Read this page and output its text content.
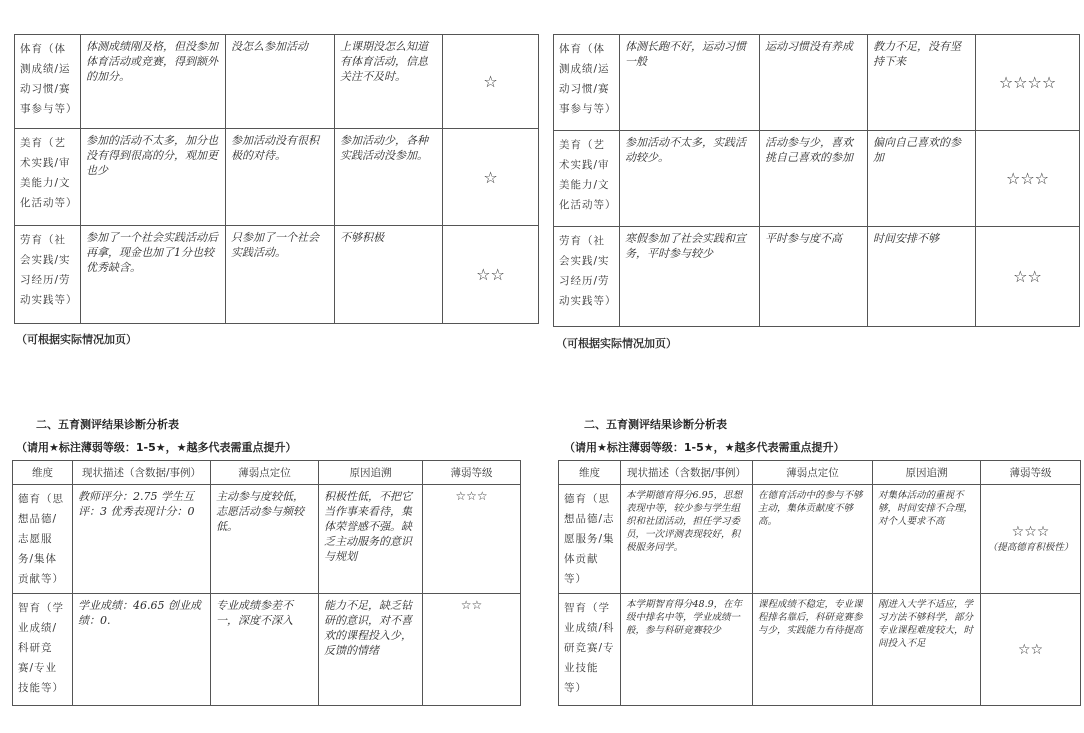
体育（体测成绩/运动习惯/赛事参与等）	体测成绩刚及格，但没参加体育活动或竞赛，得到额外的加分。	没怎么参加活动	上课期没怎么知道有体育活动，信息关注不及时。	☆
美育（艺术实践/审美能力/文化活动等）	参加的活动不太多，加分也没有得到很高的分，观加更也少	参加活动没有很积极的对待。	参加活动少，各种实践活动没参加。	☆
劳育（社会实践/实习经历/劳动实践等）	参加了一个社会实践活动后再拿，现金也加了1分也较优秀缺含。	只参加了一个社会实践活动。	不够积极	☆☆
（可根据实际情况加页）
体育（体测成绩/运动习惯/赛事参与等）	体测长跑不好，运动习惯一般	运动习惯没有养成	教力不足，没有坚持下来	☆☆☆☆
美育（艺术实践/审美能力/文化活动等）	参加活动不太多，实践活动较少。	活动参与少，喜欢挑自己喜欢的参加	偏向自己喜欢的参加	☆☆☆
劳育（社会实践/实习经历/劳动实践等）	寒假参加了社会实践和宣务，平时参与较少	平时参与度不高	时间安排不够	☆☆
（可根据实际情况加页）
二、五育测评结果诊断分析表
（请用★标注薄弱等级：1-5★，★越多代表需重点提升）
维度	现状描述（含数据/事例）	薄弱点定位	原因追溯	薄弱等级
德育（思想品德/志愿服务/集体贡献等）	教师评分：2.75 学生互评：3 优秀表现计分：0	主动参与度较低，志愿活动参与频较低。	积极性低，不把它当作事来看待，集体荣誉感不强。缺乏主动服务的意识与规划	☆☆☆
智育（学业成绩/科研竞赛/专业技能等）	学业成绩：46.65 创业成绩：0.	专业成绩参差不一，深度不深入	能力不足，缺乏钻研的意识，对不喜欢的课程投入少，反馈的情绪	☆☆
二、五育测评结果诊断分析表
（请用★标注薄弱等级：1-5★，★越多代表需重点提升）
维度	现状描述（含数据/事例）	薄弱点定位	原因追溯	薄弱等级
德育（思想品德/志愿服务/集体贡献等）	本学期德育得分6.95，思想表现中等，较少参与学生组织和社团活动，担任学习委员，一次评测表现较好，积极服务同学。	在德育活动中的参与不够主动，集体贡献度不够高。	对集体活动的重视不够，时间安排不合理，对个人要求不高	☆☆☆
（提高德育积极性）

智育（学业成绩/科研竞赛/专业技能等）	本学期智育得分48.9，在年级中排名中等，学业成绩一般，参与科研竞赛较少	课程成绩不稳定，专业课程排名靠后，科研竞赛参与少，实践能力有待提高	刚进入大学不适应，学习方法不够科学，部分专业课程难度较大，时间投入不足	☆☆
